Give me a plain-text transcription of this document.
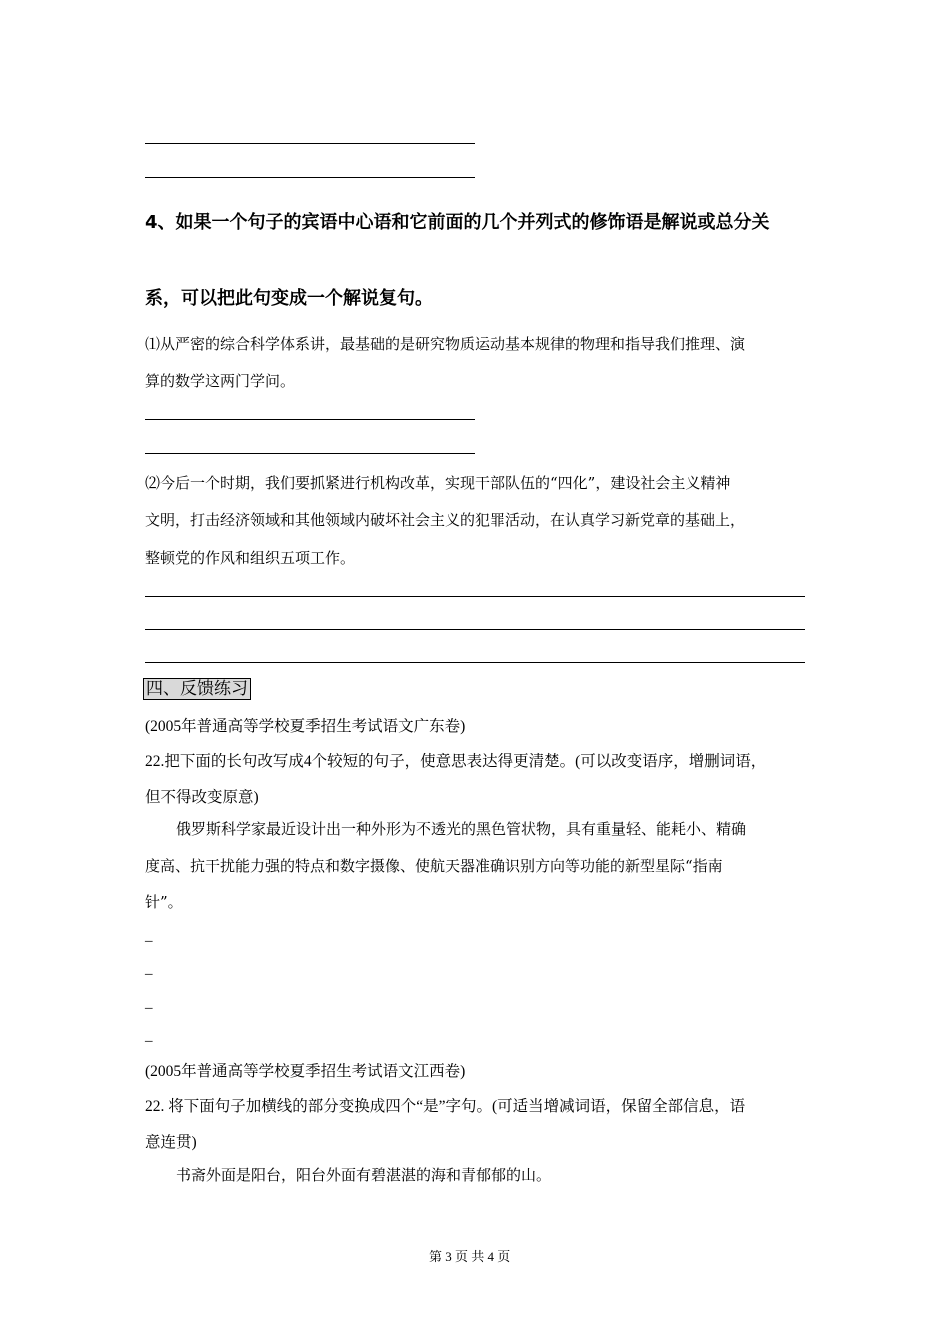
4、如果一个句子的宾语中心语和它前面的几个并列式的修饰语是解说或总分关
系，可以把此句变成一个解说复句。
⑴从严密的综合科学体系讲，最基础的是研究物质运动基本规律的物理和指导我们推理、演
算的数学这两门学问。
⑵今后一个时期，我们要抓紧进行机构改革，实现干部队伍的“四化”，建设社会主义精神
文明，打击经济领域和其他领域内破坏社会主义的犯罪活动，在认真学习新党章的基础上，
整顿党的作风和组织五项工作。
四、反馈练习
(2005年普通高等学校夏季招生考试语文广东卷)
22.把下面的长句改写成4个较短的句子，使意思表达得更清楚。(可以改变语序，增删词语，
但不得改变原意)
俄罗斯科学家最近设计出一种外形为不透光的黑色管状物，具有重量轻、能耗小、精确
度高、抗干扰能力强的特点和数字摄像、使航天器准确识别方向等功能的新型星际“指南
针”。
_
_
_
_
(2005年普通高等学校夏季招生考试语文江西卷)
22. 将下面句子加横线的部分变换成四个“是”字句。(可适当增减词语，保留全部信息，语
意连贯)
书斋外面是阳台，阳台外面有碧湛湛的海和青郁郁的山。
第 3 页 共 4 页
